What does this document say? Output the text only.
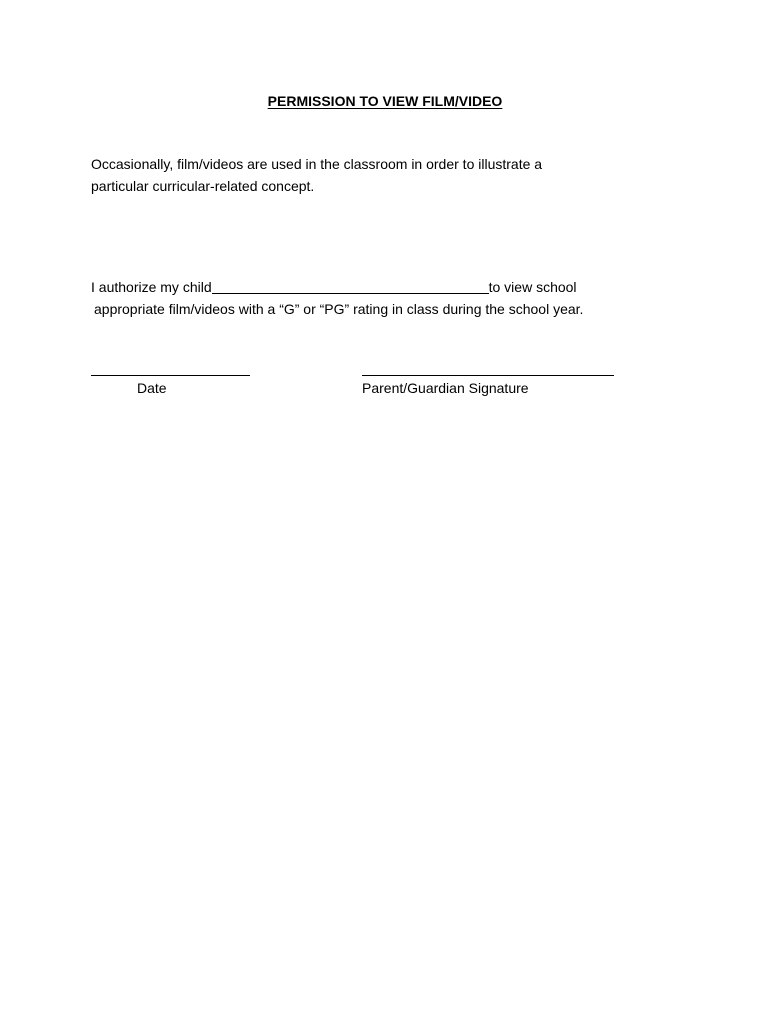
PERMISSION TO VIEW FILM/VIDEO
Occasionally, film/videos are used in the classroom in order to illustrate a
particular curricular-related concept.
I authorize my child	to view school
appropriate film/videos with a “G” or “PG” rating in class during the school year.
Date	Parent/Guardian Signature
